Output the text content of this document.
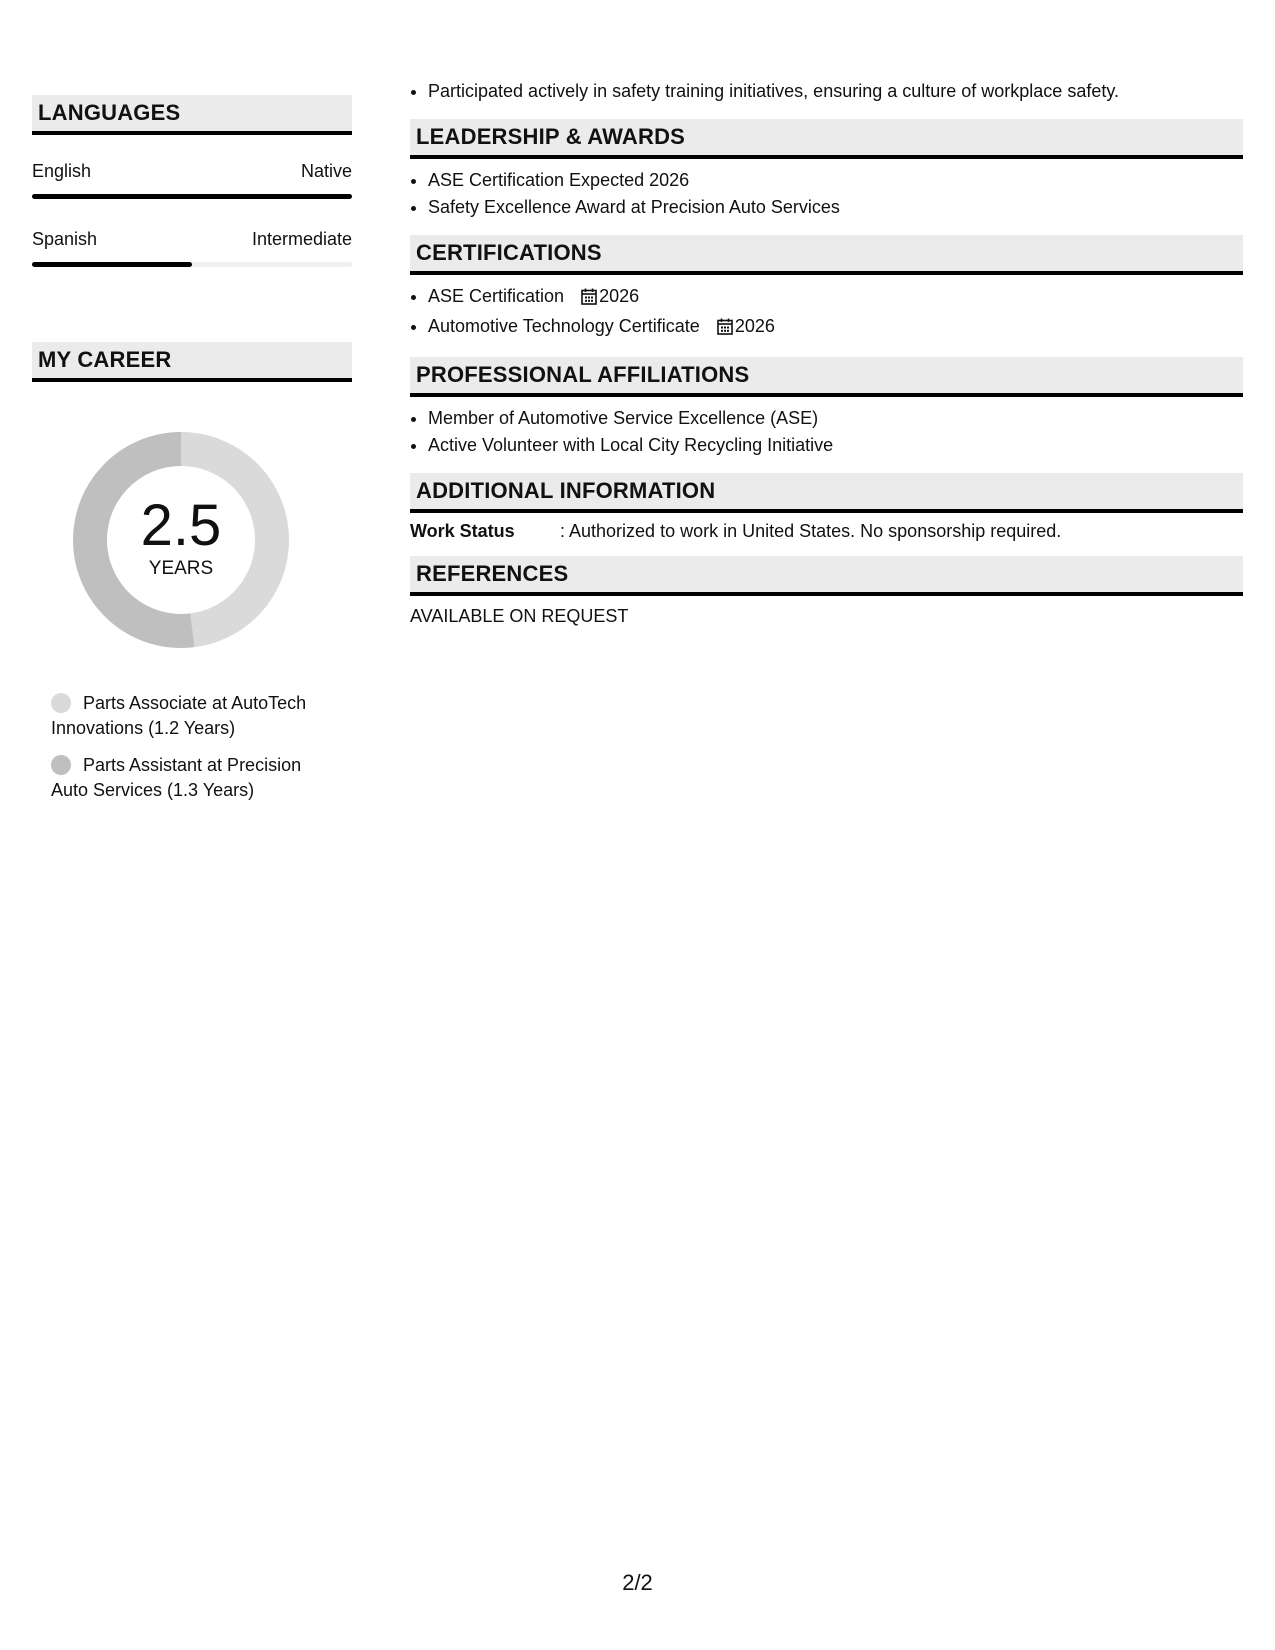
LANGUAGES
English	Native
Spanish	Intermediate
MY CAREER
2.5
YEARS
Parts Associate at AutoTech Innovations (1.2 Years)
Parts Assistant at Precision Auto Services (1.3 Years)
• Participated actively in safety training initiatives, ensuring a culture of workplace safety.
LEADERSHIP & AWARDS
• ASE Certification Expected 2026
• Safety Excellence Award at Precision Auto Services
CERTIFICATIONS
• ASE Certification 2026
• Automotive Technology Certificate 2026
PROFESSIONAL AFFILIATIONS
• Member of Automotive Service Excellence (ASE)
• Active Volunteer with Local City Recycling Initiative
ADDITIONAL INFORMATION
Work Status	: Authorized to work in United States. No sponsorship required.
REFERENCES
AVAILABLE ON REQUEST
2/2
